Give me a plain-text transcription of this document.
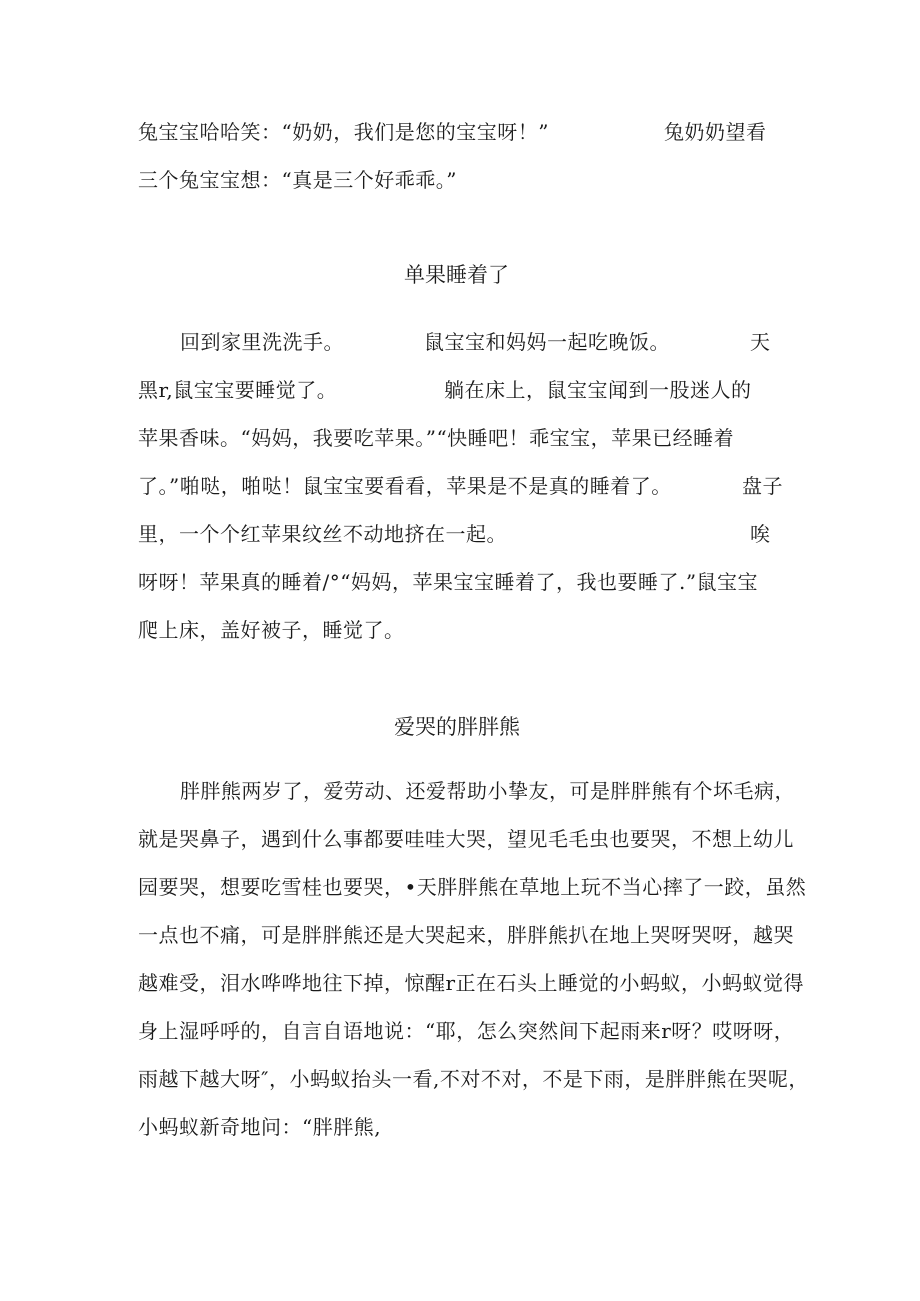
兔宝宝哈哈笑：“奶奶，我们是您的宝宝呀！”	兔奶奶望看
三个兔宝宝想：“真是三个好乖乖。”
单果睡着了
回到家里洗洗手。	鼠宝宝和妈妈一起吃晚饭。	天
黑r,鼠宝宝要睡觉了。	躺在床上，鼠宝宝闻到一股迷人的
苹果香味。“妈妈，我要吃苹果。”“快睡吧！乖宝宝，苹果已经睡着
了。”啪哒，啪哒！鼠宝宝要看看，苹果是不是真的睡着了。	盘子
里，一个个红苹果纹丝不动地挤在一起。	唉
呀呀！苹果真的睡着/°“妈妈，苹果宝宝睡着了，我也要睡了.”鼠宝宝
爬上床，盖好被子，睡觉了。
爱哭的胖胖熊
胖胖熊两岁了，爱劳动、还爱帮助小挚友，可是胖胖熊有个坏毛病，
就是哭鼻子，遇到什么事都要哇哇大哭，望见毛毛虫也要哭，不想上幼儿
园要哭，想要吃雪桂也要哭，•天胖胖熊在草地上玩不当心摔了一跤，虽然
一点也不痛，可是胖胖熊还是大哭起来，胖胖熊扒在地上哭呀哭呀，越哭
越难受，泪水哗哗地往下掉，惊醒r正在石头上睡觉的小蚂蚁，小蚂蚁觉得
身上湿呼呼的，自言自语地说：“耶，怎么突然间下起雨来r呀？哎呀呀，
雨越下越大呀″，小蚂蚁抬头一看,不对不对，不是下雨，是胖胖熊在哭呢，
小蚂蚁新奇地问：“胖胖熊,
